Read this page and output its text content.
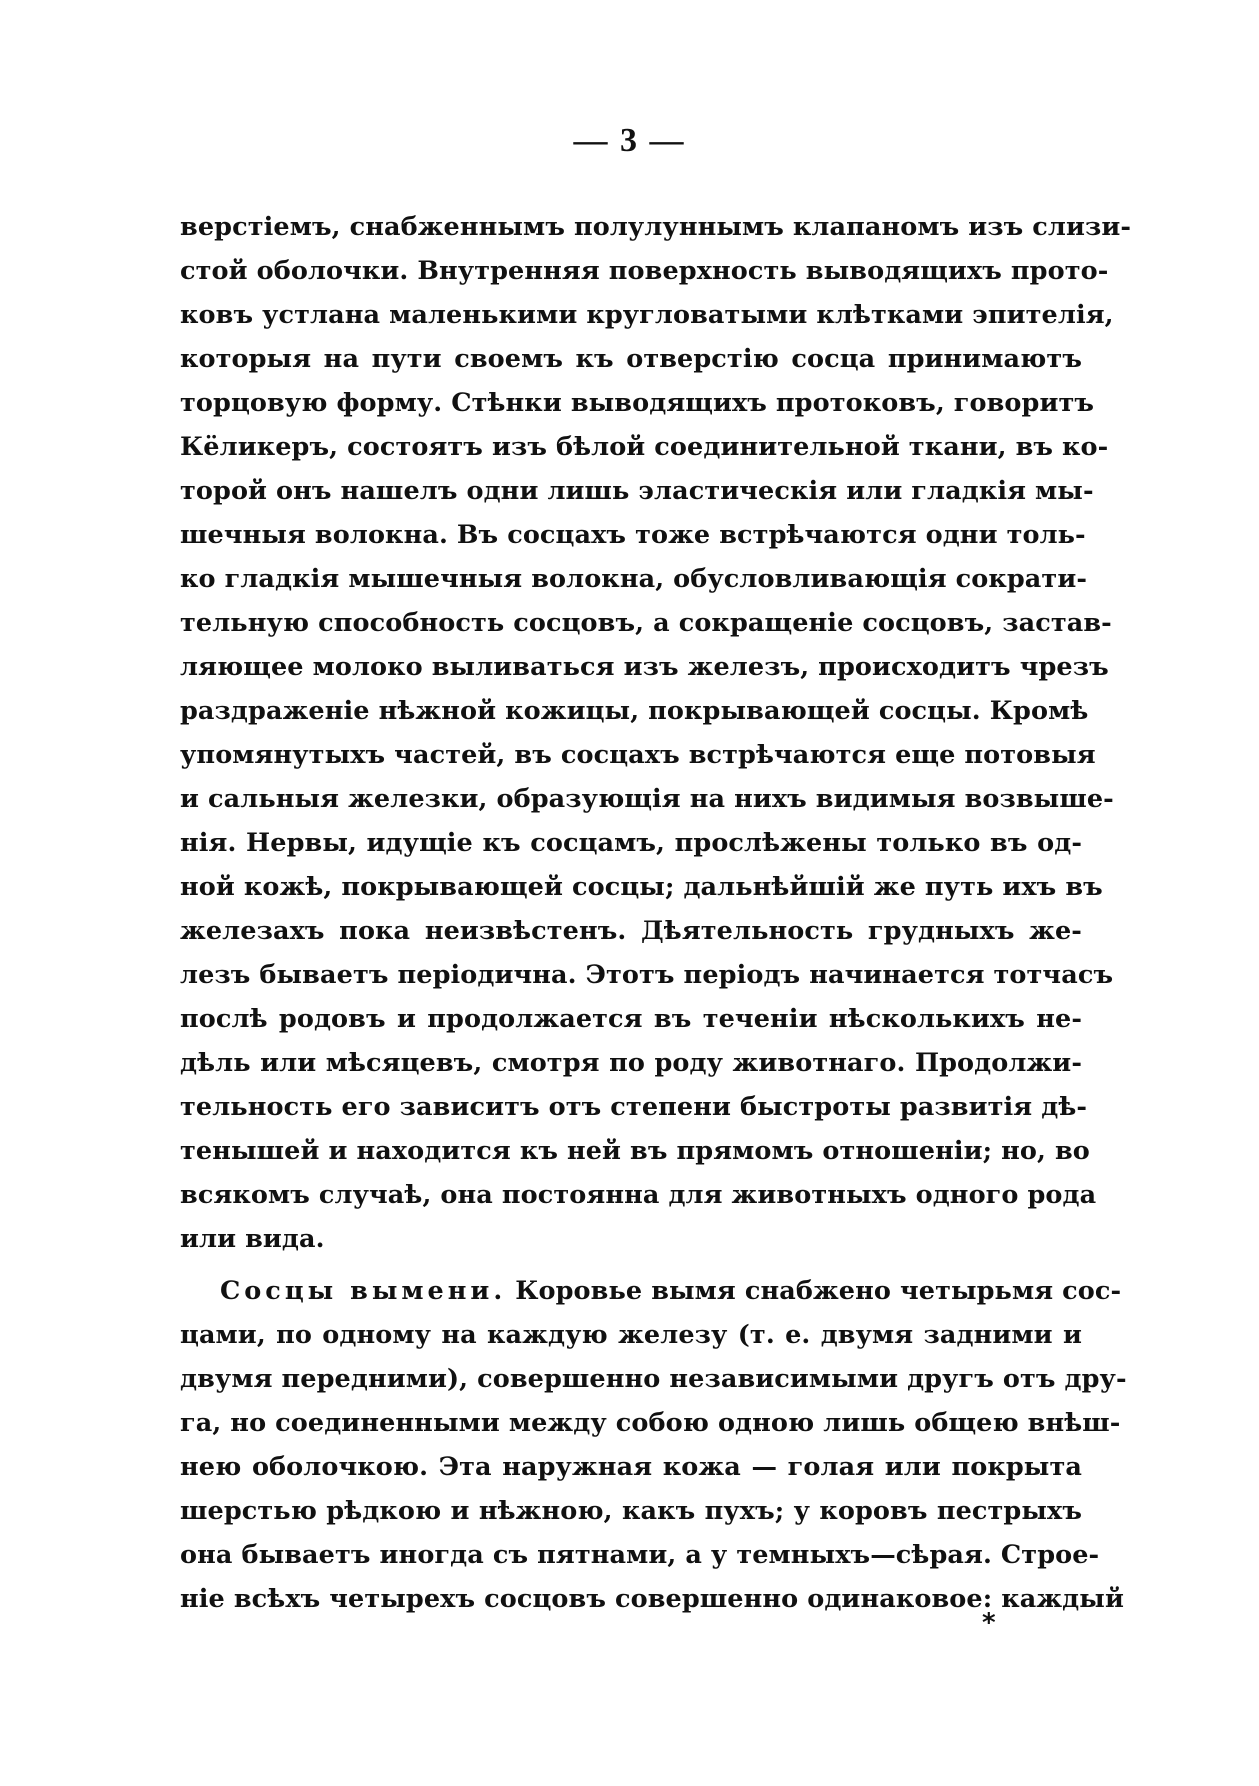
— 3 —
верстіемъ, снабженнымъ полулуннымъ клапаномъ изъ слизи-
стой оболочки. Внутренняя поверхность выводящихъ прото-
ковъ устлана маленькими кругловатыми клѣтками эпителія,
которыя на пути своемъ къ отверстію сосца принимаютъ
торцовую форму. Стѣнки выводящихъ протоковъ, говоритъ
Кёликеръ, состоятъ изъ бѣлой соединительной ткани, въ ко-
торой онъ нашелъ одни лишь эластическія или гладкія мы-
шечныя волокна. Въ сосцахъ тоже встрѣчаются одни толь-
ко гладкія мышечныя волокна, обусловливающія сократи-
тельную способность сосцовъ, а сокращеніе сосцовъ, застав-
ляющее молоко выливаться изъ железъ, происходитъ чрезъ
раздраженіе нѣжной кожицы, покрывающей сосцы. Кромѣ
упомянутыхъ частей, въ сосцахъ встрѣчаются еще потовыя
и сальныя железки, образующія на нихъ видимыя возвыше-
нія. Нервы, идущіе къ сосцамъ, прослѣжены только въ од-
ной кожѣ, покрывающей сосцы; дальнѣйшій же путь ихъ въ
железахъ пока неизвѣстенъ. Дѣятельность грудныхъ же-
лезъ бываетъ періодична. Этотъ періодъ начинается тотчасъ
послѣ родовъ и продолжается въ теченіи нѣсколькихъ не-
дѣль или мѣсяцевъ, смотря по роду животнаго. Продолжи-
тельность его зависитъ отъ степени быстроты развитія дѣ-
тенышей и находится къ ней въ прямомъ отношеніи; но, во
всякомъ случаѣ, она постоянна для животныхъ одного рода
или вида.
Сосцы вымени. Коровье вымя снабжено четырьмя сос-
цами, по одному на каждую железу (т. е. двумя задними и
двумя передними), совершенно независимыми другъ отъ дру-
га, но соединенными между собою одною лишь общею внѣш-
нею оболочкою. Эта наружная кожа — голая или покрыта
шерстью рѣдкою и нѣжною, какъ пухъ; у коровъ пестрыхъ
она бываетъ иногда съ пятнами, а у темныхъ—сѣрая. Строе-
ніе всѣхъ четырехъ сосцовъ совершенно одинаковое: каждый
*
